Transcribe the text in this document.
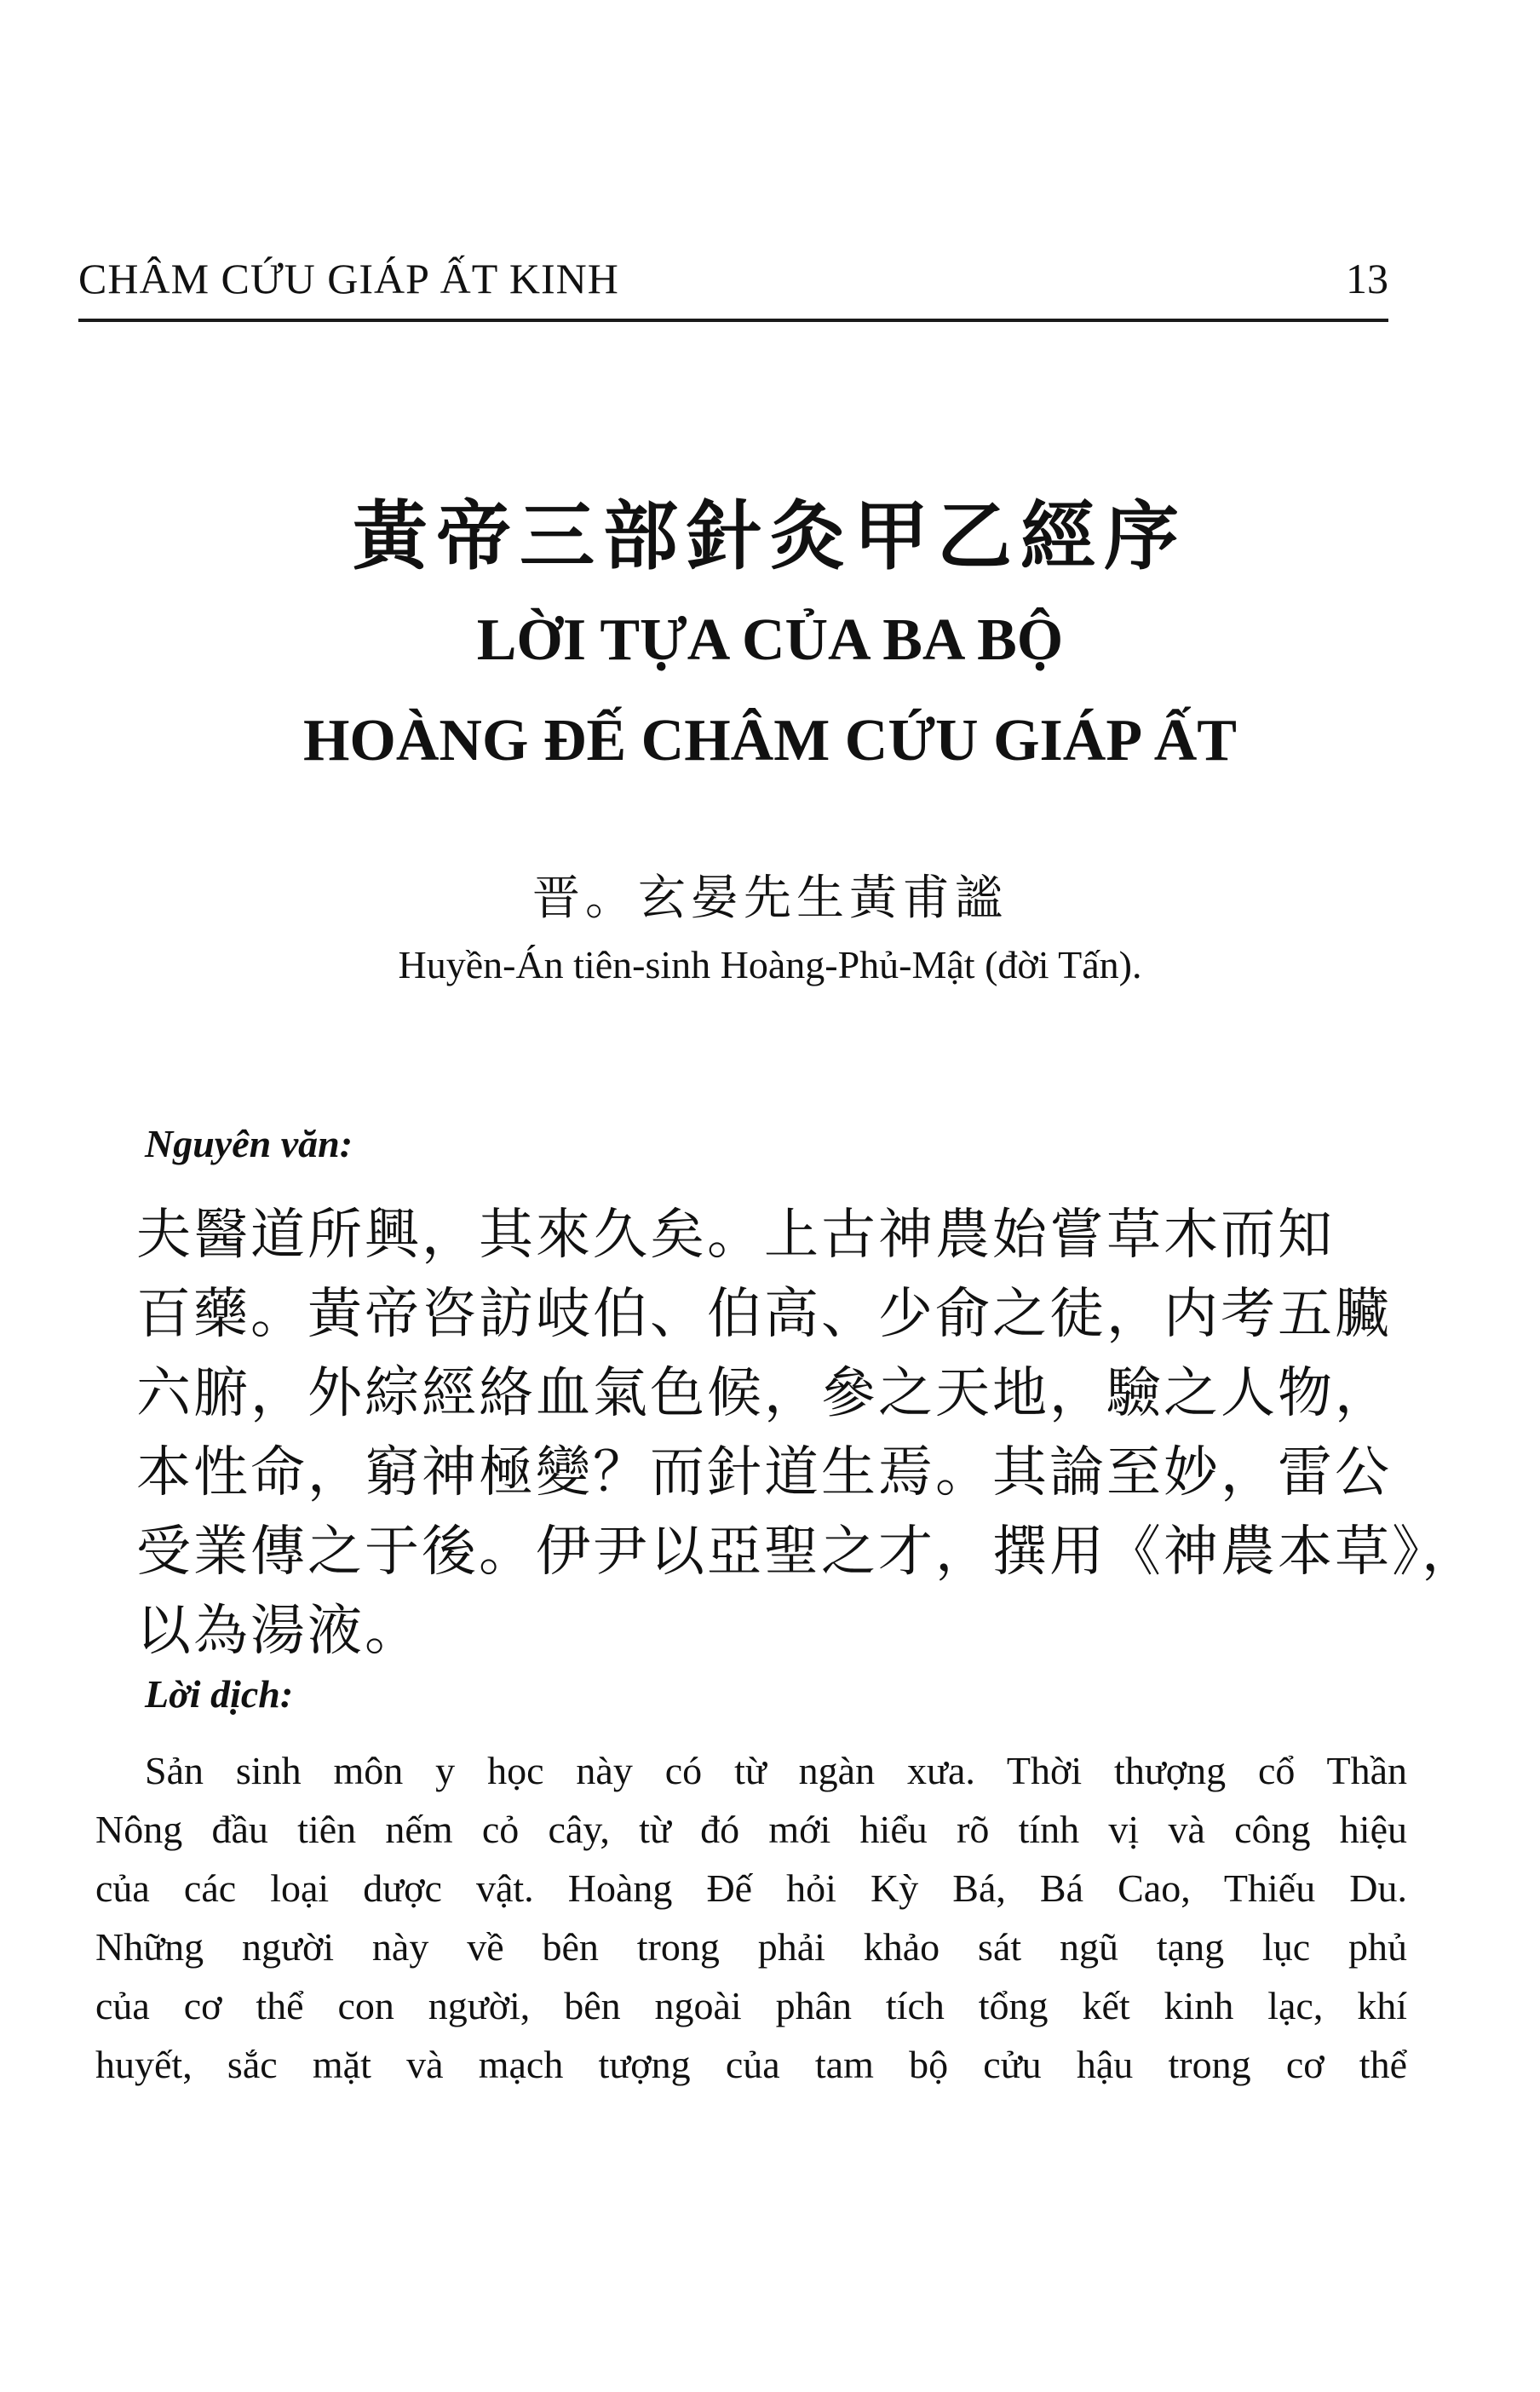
CHÂM CỨU GIÁP ẤT KINH	13
黃帝三部針灸甲乙經序
LỜI TỰA CỦA BA BỘ
HOÀNG ĐẾ CHÂM CỨU GIÁP ẤT
晋。玄晏先生黃甫謐
Huyền-Án tiên-sinh Hoàng-Phủ-Mật (đời Tấn).
Nguyên văn:
夫醫道所興，其來久矣。上古神農始嘗草木而知
百藥。黃帝咨訪岐伯、伯高、少俞之徒，内考五臟
六腑，外綜經絡血氣色候，參之天地，驗之人物，
本性命，窮神極變？而針道生焉。其論至妙，雷公
受業傳之于後。伊尹以亞聖之才，撰用《神農本草》，
以為湯液。
Lời dịch:
Sản sinh môn y học này có từ ngàn xưa. Thời thượng cổ Thần
Nông đầu tiên nếm cỏ cây, từ đó mới hiểu rõ tính vị và công hiệu
của các loại dược vật. Hoàng Đế hỏi Kỳ Bá, Bá Cao, Thiếu Du.
Những người này về bên trong phải khảo sát ngũ tạng lục phủ
của cơ thể con người, bên ngoài phân tích tổng kết kinh lạc, khí
huyết, sắc mặt và mạch tượng của tam bộ cửu hậu trong cơ thể
